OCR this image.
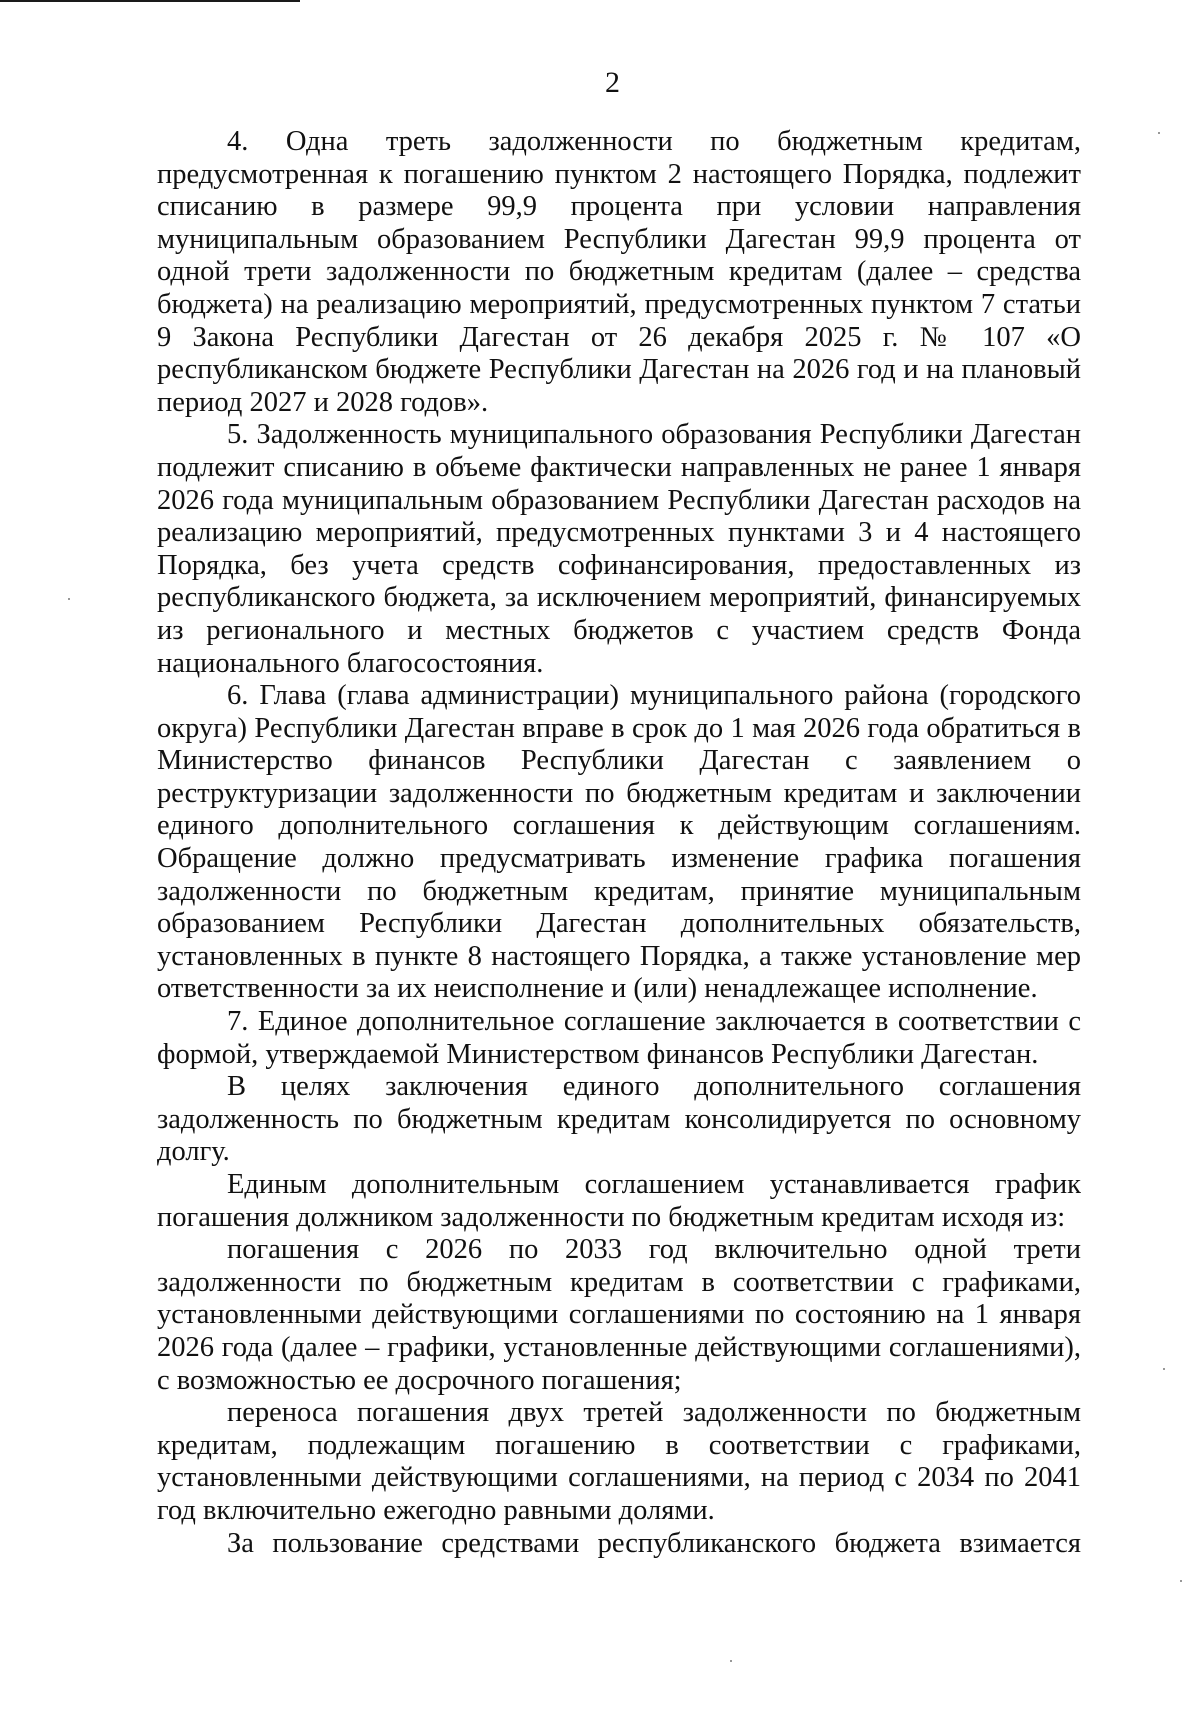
2

4. Одна треть задолженности по бюджетным кредитам, предусмотренная к погашению пунктом 2 настоящего Порядка, подлежит списанию в размере 99,9 процента при условии направления муниципальным образованием Республики Дагестан 99,9 процента от одной трети задолженности по бюджетным кредитам (далее – средства бюджета) на реализацию мероприятий, предусмотренных пунктом 7 статьи 9 Закона Республики Дагестан от 26 декабря 2025 г. № 107 «О республиканском бюджете Республики Дагестан на 2026 год и на плановый период 2027 и 2028 годов».

5. Задолженность муниципального образования Республики Дагестан подлежит списанию в объеме фактически направленных не ранее 1 января 2026 года муниципальным образованием Республики Дагестан расходов на реализацию мероприятий, предусмотренных пунктами 3 и 4 настоящего Порядка, без учета средств софинансирования, предоставленных из республиканского бюджета, за исключением мероприятий, финансируемых из регионального и местных бюджетов с участием средств Фонда национального благосостояния.

6. Глава (глава администрации) муниципального района (городского округа) Республики Дагестан вправе в срок до 1 мая 2026 года обратиться в Министерство финансов Республики Дагестан с заявлением о реструктуризации задолженности по бюджетным кредитам и заключении единого дополнительного соглашения к действующим соглашениям. Обращение должно предусматривать изменение графика погашения задолженности по бюджетным кредитам, принятие муниципальным образованием Республики Дагестан дополнительных обязательств, установленных в пункте 8 настоящего Порядка, а также установление мер ответственности за их неисполнение и (или) ненадлежащее исполнение.

7. Единое дополнительное соглашение заключается в соответствии с формой, утверждаемой Министерством финансов Республики Дагестан.

В целях заключения единого дополнительного соглашения задолженность по бюджетным кредитам консолидируется по основному долгу.

Единым дополнительным соглашением устанавливается график погашения должником задолженности по бюджетным кредитам исходя из:

погашения с 2026 по 2033 год включительно одной трети задолженности по бюджетным кредитам в соответствии с графиками, установленными действующими соглашениями по состоянию на 1 января 2026 года (далее – графики, установленные действующими соглашениями), с возможностью ее досрочного погашения;

переноса погашения двух третей задолженности по бюджетным кредитам, подлежащим погашению в соответствии с графиками, установленными действующими соглашениями, на период с 2034 по 2041 год включительно ежегодно равными долями.

За пользование средствами республиканского бюджета взимается
